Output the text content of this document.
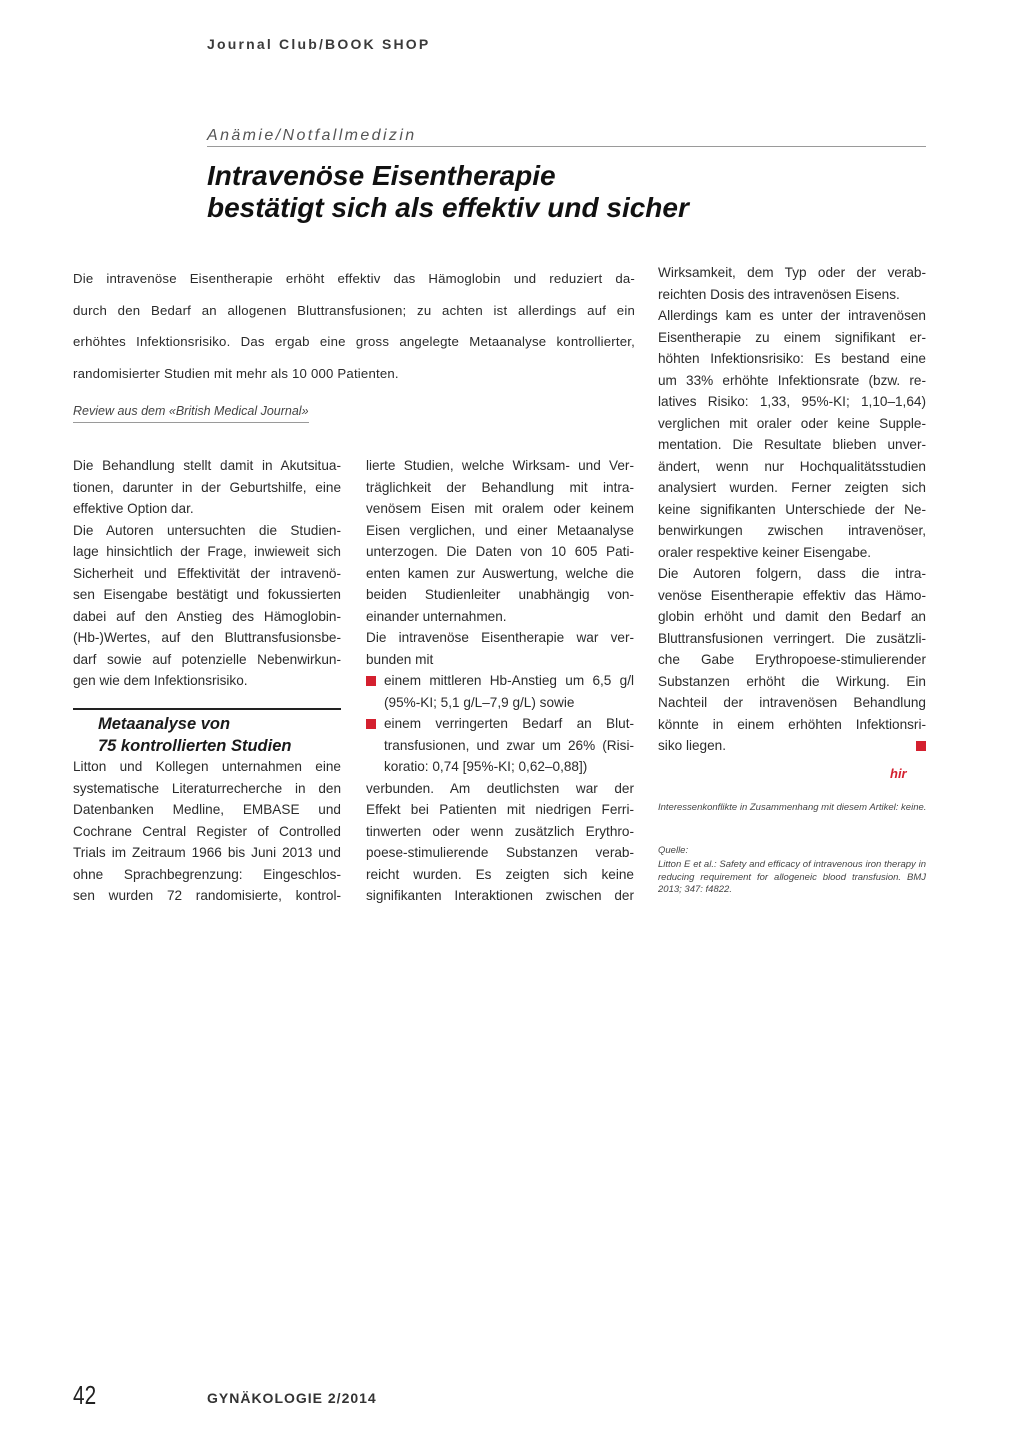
Journal Club/BOOK SHOP
Anämie/Notfallmedizin
Intravenöse Eisentherapie
bestätigt sich als effektiv und sicher
Die intravenöse Eisentherapie erhöht effektiv das Hämoglobin und reduziert da-
durch den Bedarf an allogenen Bluttransfusionen; zu achten ist allerdings auf ein
erhöhtes Infektionsrisiko. Das ergab eine gross angelegte Metaanalyse kontrollierter,
randomisierter Studien mit mehr als 10 000 Patienten.
Review aus dem «British Medical Journal»
Die Behandlung stellt damit in Akutsitua-
tionen, darunter in der Geburtshilfe, eine
effektive Option dar.
Die Autoren untersuchten die Studien-
lage hinsichtlich der Frage, inwieweit sich
Sicherheit und Effektivität der intravenö-
sen Eisengabe bestätigt und fokussierten
dabei auf den Anstieg des Hämoglobin-
(Hb-)Wertes, auf den Bluttransfusionsbe-
darf sowie auf potenzielle Nebenwirkun-
gen wie dem Infektionsrisiko.
Metaanalyse von
75 kontrollierten Studien
Litton und Kollegen unternahmen eine
systematische Literaturrecherche in den
Datenbanken Medline, EMBASE und
Cochrane Central Register of Controlled
Trials im Zeitraum 1966 bis Juni 2013 und
ohne Sprachbegrenzung: Eingeschlos-
sen wurden 72 randomisierte, kontrol-
lierte Studien, welche Wirksam- und Ver-
träglichkeit der Behandlung mit intra-
venösem Eisen mit oralem oder keinem
Eisen verglichen, und einer Metaanalyse
unterzogen. Die Daten von 10 605 Pati-
enten kamen zur Auswertung, welche die
beiden Studienleiter unabhängig von-
einander unternahmen.
Die intravenöse Eisentherapie war ver-
bunden mit
einem mittleren Hb-Anstieg um 6,5 g/l
(95%-KI; 5,1 g/L–7,9 g/L) sowie
einem verringerten Bedarf an Blut-
transfusionen, und zwar um 26% (Risi-
koratio: 0,74 [95%-KI; 0,62–0,88])
verbunden. Am deutlichsten war der
Effekt bei Patienten mit niedrigen Ferri-
tinwerten oder wenn zusätzlich Erythro-
poese-stimulierende Substanzen verab-
reicht wurden. Es zeigten sich keine
signifikanten Interaktionen zwischen der
Wirksamkeit, dem Typ oder der verab-
reichten Dosis des intravenösen Eisens.
Allerdings kam es unter der intravenösen
Eisentherapie zu einem signifikant er-
höhten Infektionsrisiko: Es bestand eine
um 33% erhöhte Infektionsrate (bzw. re-
latives Risiko: 1,33, 95%-KI; 1,10–1,64)
verglichen mit oraler oder keine Supple-
mentation. Die Resultate blieben unver-
ändert, wenn nur Hochqualitätsstudien
analysiert wurden. Ferner zeigten sich
keine signifikanten Unterschiede der Ne-
benwirkungen zwischen intravenöser,
oraler respektive keiner Eisengabe.
Die Autoren folgern, dass die intra-
venöse Eisentherapie effektiv das Hämo-
globin erhöht und damit den Bedarf an
Bluttransfusionen verringert. Die zusätzli-
che Gabe Erythropoese-stimulierender
Substanzen erhöht die Wirkung. Ein
Nachteil der intravenösen Behandlung
könnte in einem erhöhten Infektionsri-
siko liegen.
hir
Interessenkonflikte in Zusammenhang mit diesem Artikel: keine.
Quelle:
Litton E et al.: Safety and efficacy of intravenous iron therapy in
reducing requirement for allogeneic blood transfusion. BMJ
2013; 347: f4822.
42	GYNÄKOLOGIE 2/2014
